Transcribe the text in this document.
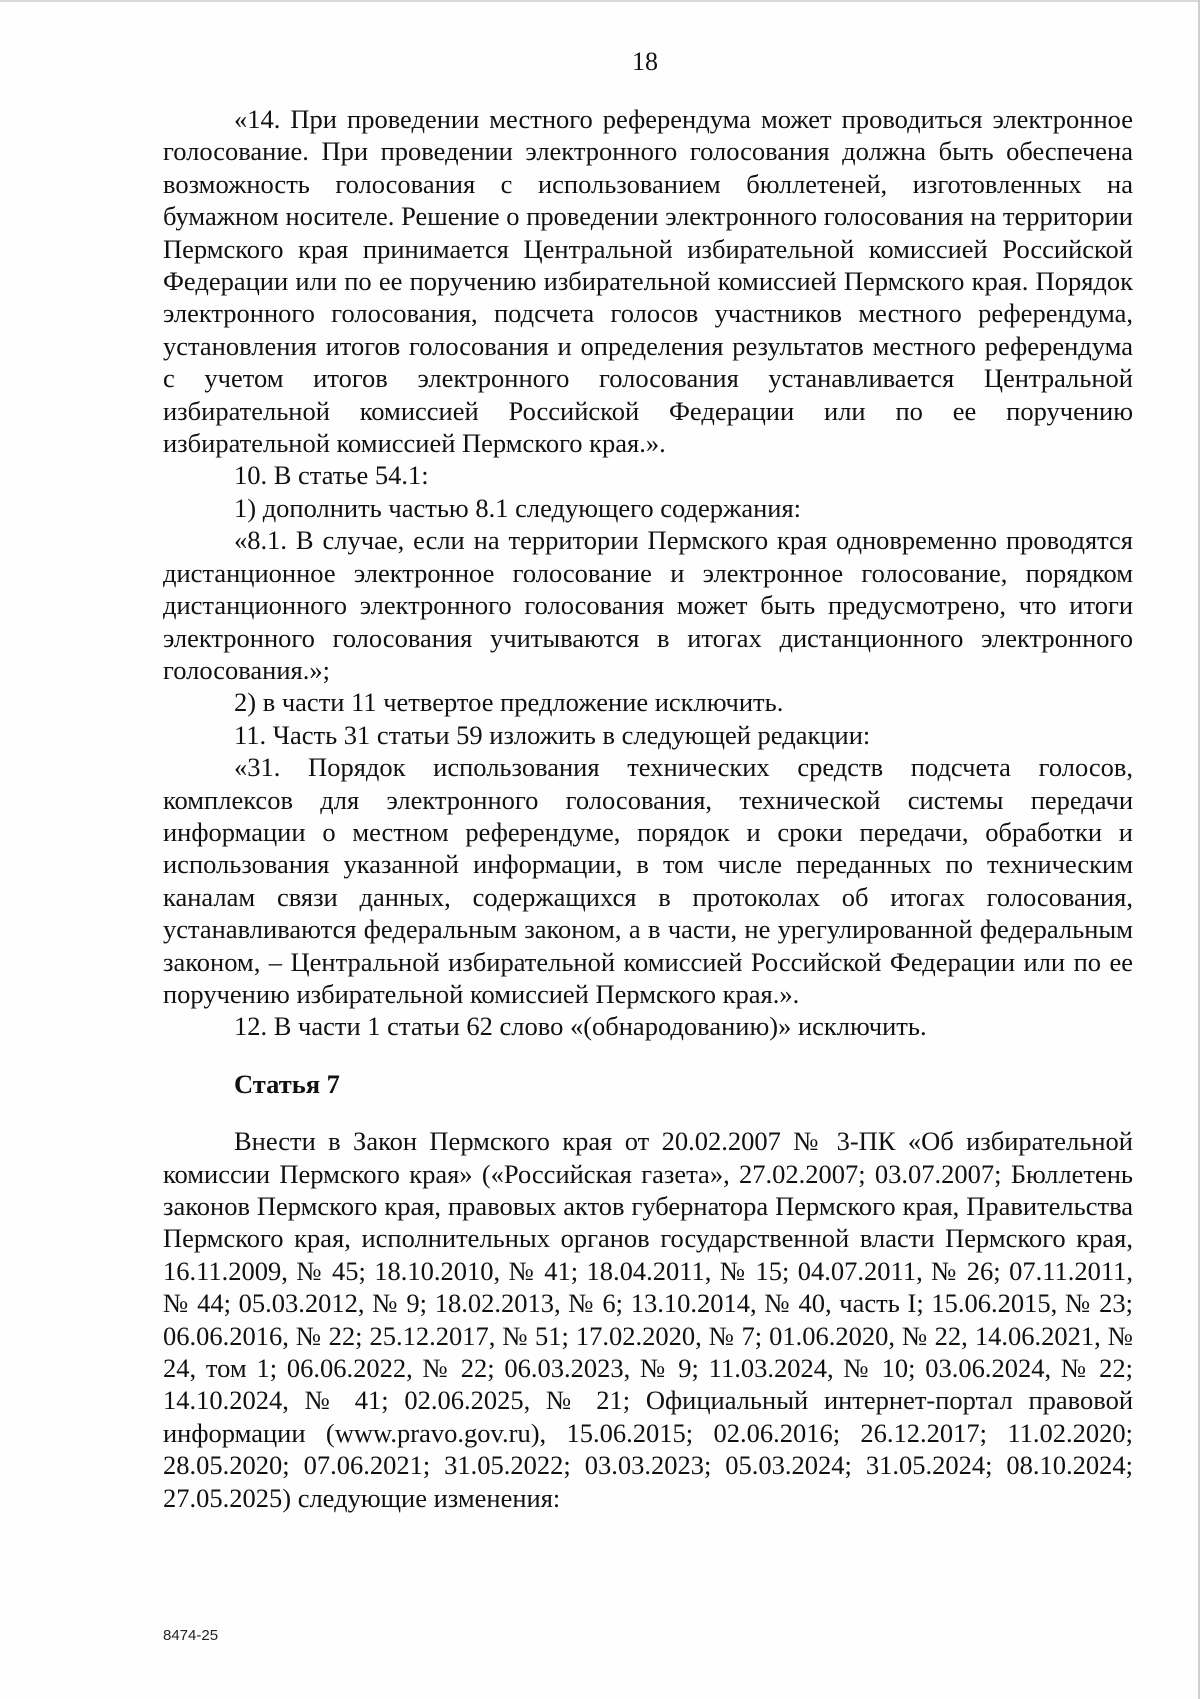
18

«14. При проведении местного референдума может проводиться электронное голосование. При проведении электронного голосования должна быть обеспечена возможность голосования с использованием бюллетеней, изготовленных на бумажном носителе. Решение о проведении электронного голосования на территории Пермского края принимается Центральной избирательной комиссией Российской Федерации или по ее поручению избирательной комиссией Пермского края. Порядок электронного голосования, подсчета голосов участников местного референдума, установления итогов голосования и определения результатов местного референдума с учетом итогов электронного голосования устанавливается Центральной избирательной комиссией Российской Федерации или по ее поручению избирательной комиссией Пермского края.».

10. В статье 54.1:

1) дополнить частью 8.1 следующего содержания:

«8.1. В случае, если на территории Пермского края одновременно проводятся дистанционное электронное голосование и электронное голосование, порядком дистанционного электронного голосования может быть предусмотрено, что итоги электронного голосования учитываются в итогах дистанционного электронного голосования.»;

2) в части 11 четвертое предложение исключить.

11. Часть 31 статьи 59 изложить в следующей редакции:

«31. Порядок использования технических средств подсчета голосов, комплексов для электронного голосования, технической системы передачи информации о местном референдуме, порядок и сроки передачи, обработки и использования указанной информации, в том числе переданных по техническим каналам связи данных, содержащихся в протоколах об итогах голосования, устанавливаются федеральным законом, а в части, не урегулированной федеральным законом, – Центральной избирательной комиссией Российской Федерации или по ее поручению избирательной комиссией Пермского края.».

12. В части 1 статьи 62 слово «(обнародованию)» исключить.

Статья 7

Внести в Закон Пермского края от 20.02.2007 № 3-ПК «Об избирательной комиссии Пермского края» («Российская газета», 27.02.2007; 03.07.2007; Бюллетень законов Пермского края, правовых актов губернатора Пермского края, Правительства Пермского края, исполнительных органов государственной власти Пермского края, 16.11.2009, № 45; 18.10.2010, № 41; 18.04.2011, № 15; 04.07.2011, № 26; 07.11.2011, № 44; 05.03.2012, № 9; 18.02.2013, № 6; 13.10.2014, № 40, часть I; 15.06.2015, № 23; 06.06.2016, № 22; 25.12.2017, № 51; 17.02.2020, № 7; 01.06.2020, № 22, 14.06.2021, № 24, том 1; 06.06.2022, № 22; 06.03.2023, № 9; 11.03.2024, № 10; 03.06.2024, № 22; 14.10.2024, № 41; 02.06.2025, № 21; Официальный интернет-портал правовой информации (www.pravo.gov.ru), 15.06.2015; 02.06.2016; 26.12.2017; 11.02.2020; 28.05.2020; 07.06.2021; 31.05.2022; 03.03.2023; 05.03.2024; 31.05.2024; 08.10.2024; 27.05.2025) следующие изменения:

8474-25
